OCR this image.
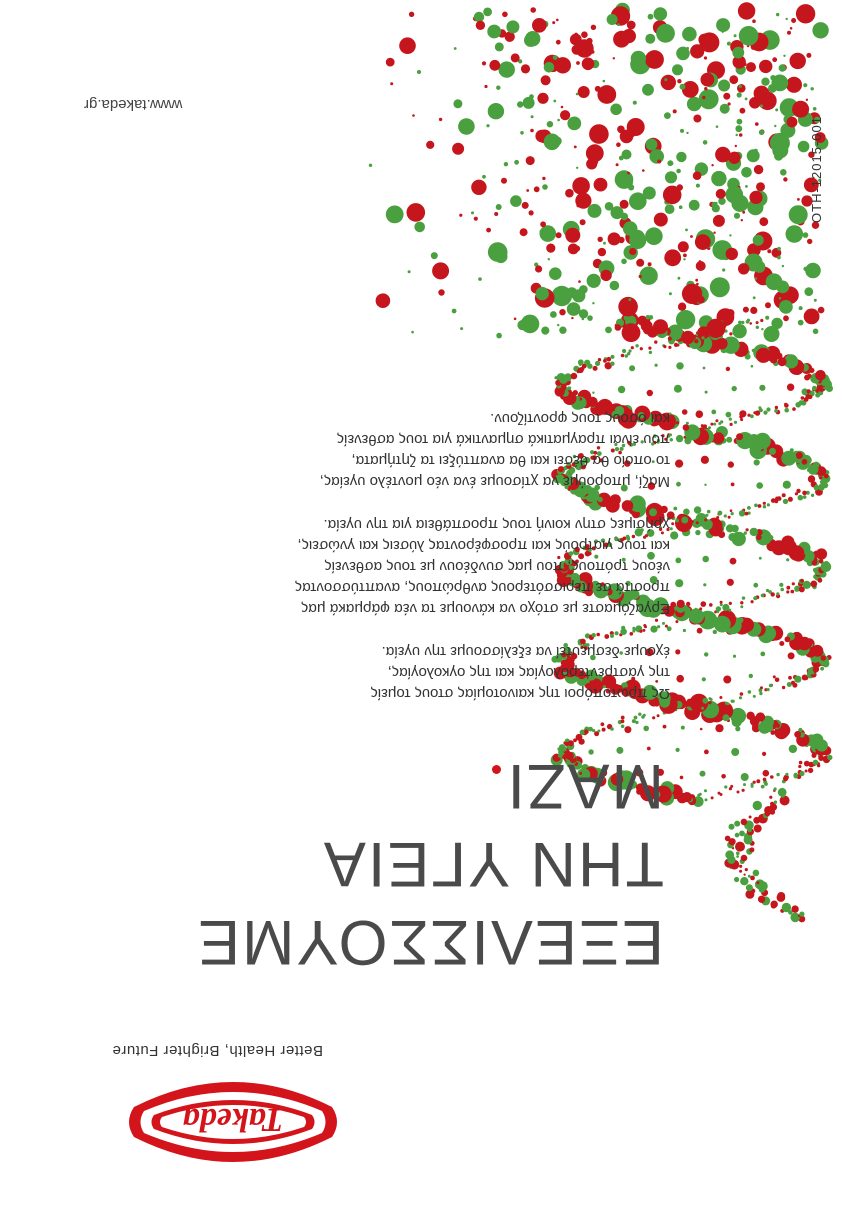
ΕΞΕΛΙΣΣΟΥΜΕ
ΤΗΝ ΥΓΕΙΑ
ΜΑΖΙ

Ως πρωτοπόροι της καινοτομίας στους τομείς
της γαστρεντερολογίας και της ογκολογίας,
έχουμε δεσμευτεί να εξελίσσουμε την υγεία.

Εργαζόμαστε με στόχο να κάνουμε τα νέα φάρμακά μας
προσιτά σε περισσότερους ανθρώπους, αναπτύσσοντας
νέους τρόπους, που μας συνδέουν με τους ασθενείς
και τους γιατρούς και προσφέροντας λύσεις και γνώσεις,
χρήσιμες στην κοινή τους προσπάθεια για την υγεία.

Μαζί, μπορούμε να χτίσουμε ένα νέο μοντέλο υγείας,
το οποίο θα θέσει και θα αναπτύξει τα ζητήματα,
που είναι πραγματικά σημαντικά για τους ασθενείς
και όσους τους φροντίζουν.

OTH-12015-001
www.takeda.gr
Takeda
Better Health, Brighter Future
